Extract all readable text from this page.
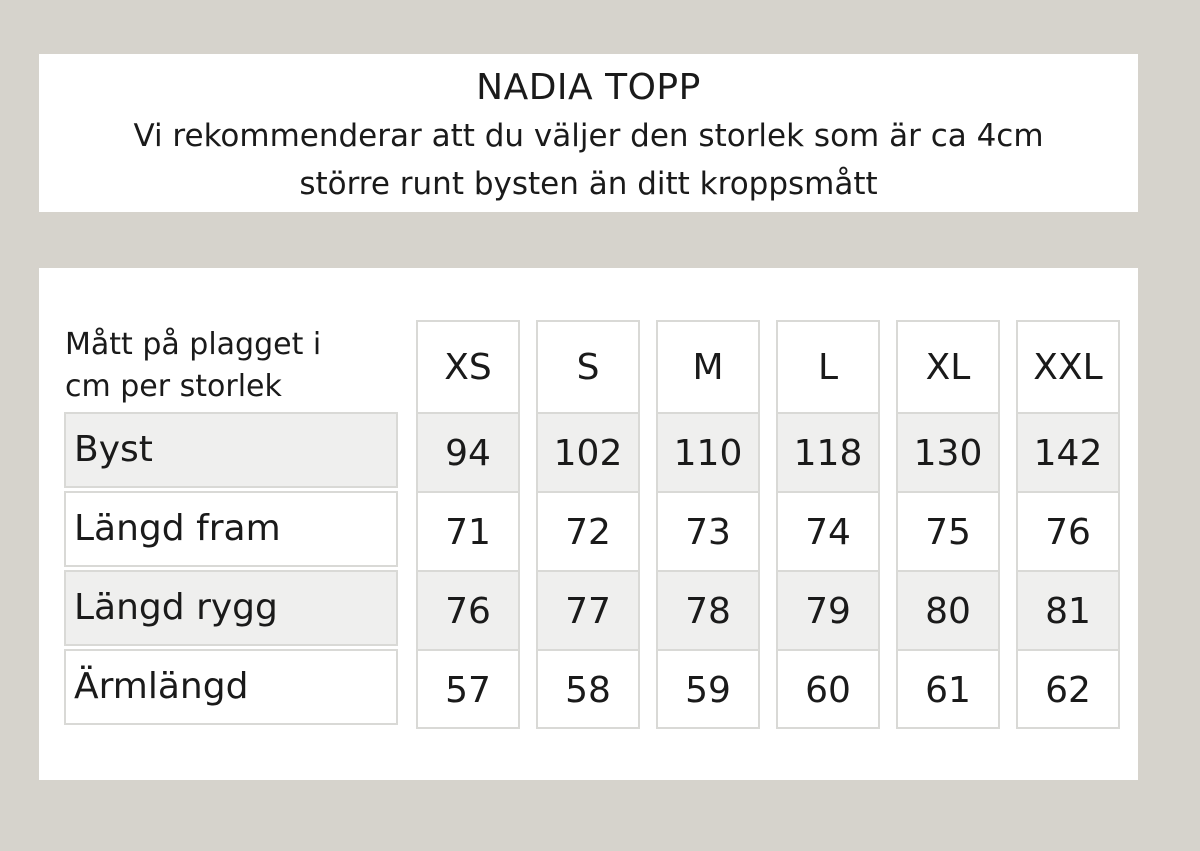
NADIA TOPP
Vi rekommenderar att du väljer den storlek som är ca 4cm
större runt bysten än ditt kroppsmått
Mått på plagget i
cm per storlek
Byst
Längd fram
Längd rygg
Ärmlängd
XS
94
71
76
57
S
102
72
77
58
M
110
73
78
59
L
118
74
79
60
XL
130
75
80
61
XXL
142
76
81
62
